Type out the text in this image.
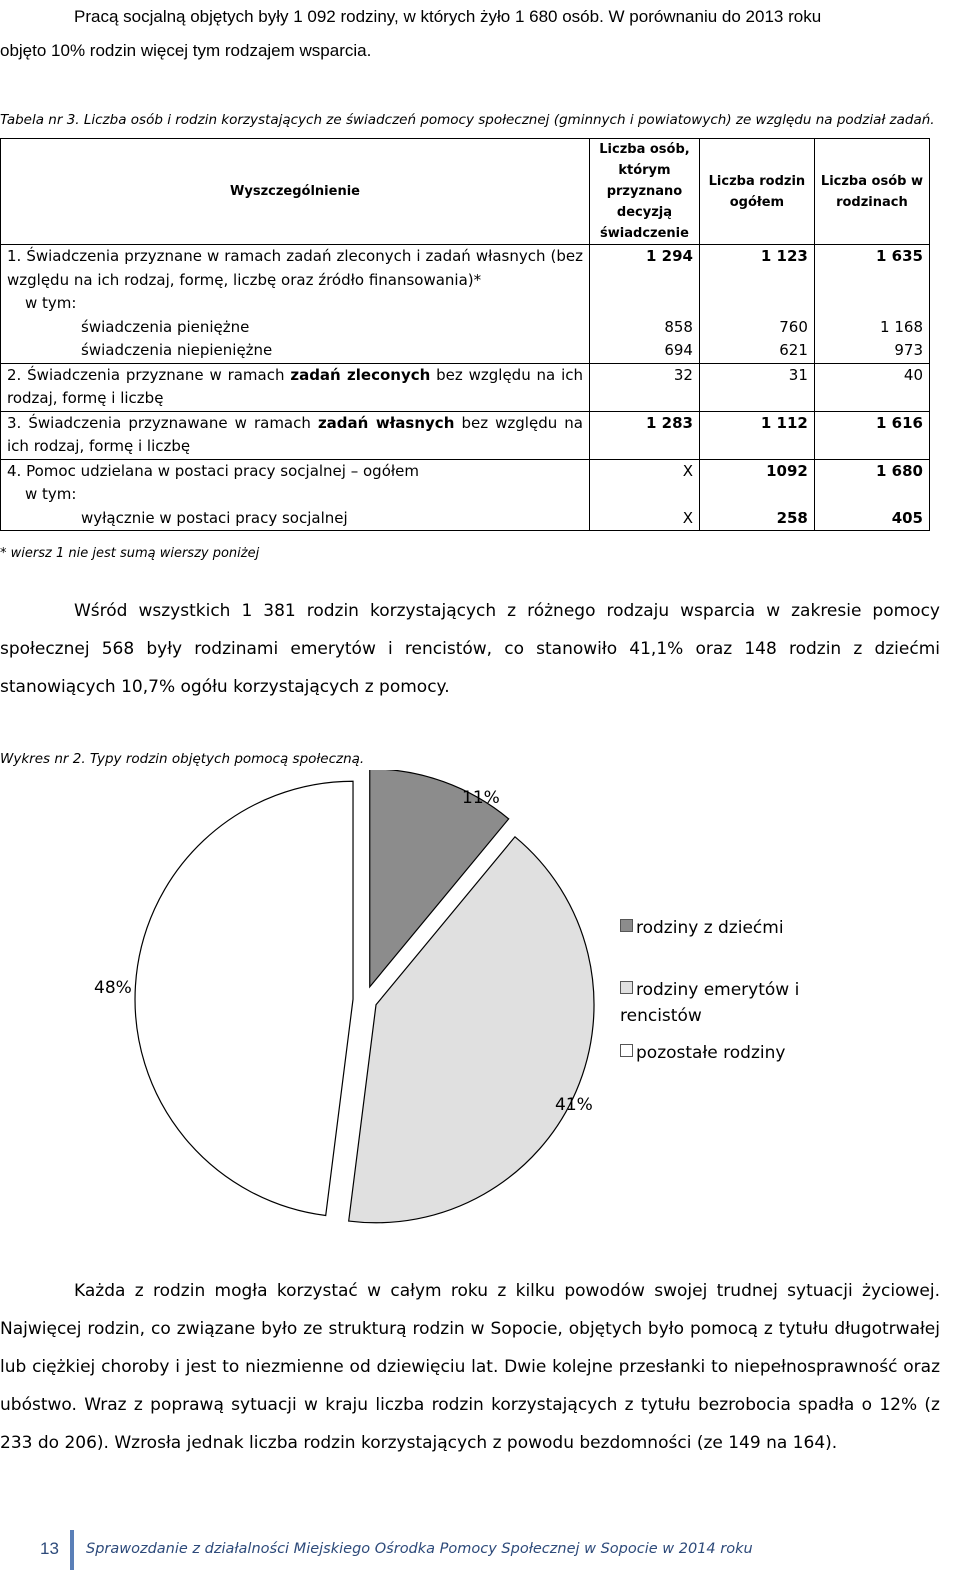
Pracą socjalną objętych były 1 092 rodziny, w których żyło 1 680 osób. W porównaniu do 2013 roku
objęto 10% rodzin więcej tym rodzajem wsparcia.
Tabela nr 3. Liczba osób i rodzin korzystających ze świadczeń pomocy społecznej (gminnych i powiatowych) ze względu na podział zadań.
Wyszczególnienie	Liczba osób, którym przyznano decyzją świadczenie	Liczba rodzin ogółem	Liczba osób w rodzinach
1. Świadczenia przyznane w ramach zadań zleconych i zadań własnych (bez względu na ich rodzaj, formę, liczbę oraz źródło finansowania)*	1 294	1 123	1 635
w tym:			
świadczenia pieniężne	858	760	1 168
świadczenia niepieniężne	694	621	973
2. Świadczenia przyznane w ramach zadań zleconych bez względu na ich rodzaj, formę i liczbę	32	31	40
3. Świadczenia przyznawane w ramach zadań własnych bez względu na ich rodzaj, formę i liczbę	1 283	1 112	1 616
4. Pomoc udzielana w postaci pracy socjalnej – ogółem	X	1092	1 680
w tym:			
wyłącznie w postaci pracy socjalnej	X	258	405
* wiersz 1 nie jest sumą wierszy poniżej
Wśród wszystkich 1 381 rodzin korzystających z różnego rodzaju wsparcia w zakresie pomocy społecznej 568 były rodzinami emerytów i rencistów, co stanowiło 41,1% oraz 148 rodzin z dziećmi stanowiących 10,7% ogółu korzystających z pomocy.
Wykres nr 2. Typy rodzin objętych pomocą społeczną.
11%
41%
48%
rodziny z dziećmi
rodziny emerytów i rencistów
pozostałe rodziny
Każda z rodzin mogła korzystać w całym roku z kilku powodów swojej trudnej sytuacji życiowej. Najwięcej rodzin, co związane było ze strukturą rodzin w Sopocie, objętych było pomocą z tytułu długotrwałej lub ciężkiej choroby i jest to niezmienne od dziewięciu lat. Dwie kolejne przesłanki to niepełnosprawność oraz ubóstwo. Wraz z poprawą sytuacji w kraju liczba rodzin korzystających z tytułu bezrobocia spadła o 12% (z 233 do 206). Wzrosła jednak liczba rodzin korzystających z powodu bezdomności (ze 149 na 164).
13 Sprawozdanie z działalności Miejskiego Ośrodka Pomocy Społecznej w Sopocie w 2014 roku
